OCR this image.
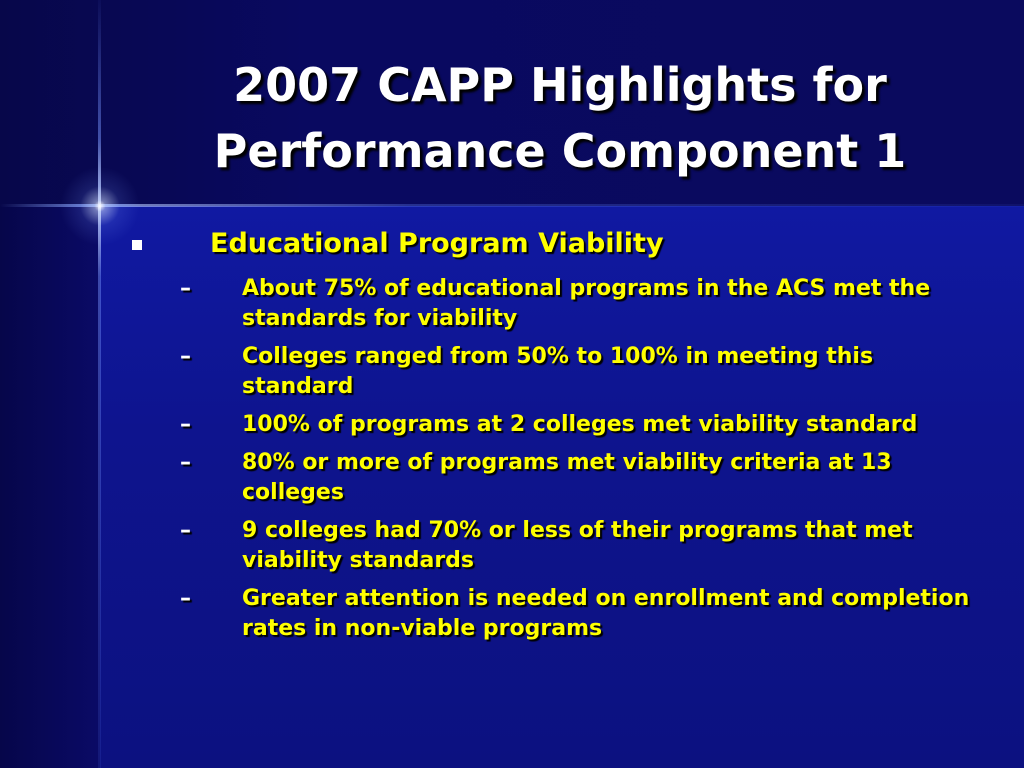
2007 CAPP Highlights for
Performance Component 1
Educational Program Viability
– About 75% of educational programs in the ACS met the standards for viability
– Colleges ranged from 50% to 100% in meeting this standard
– 100% of programs at 2 colleges met viability standard
– 80% or more of programs met viability criteria at 13 colleges
– 9 colleges had 70% or less of their programs that met viability standards
– Greater attention is needed on enrollment and completion rates in non-viable programs
